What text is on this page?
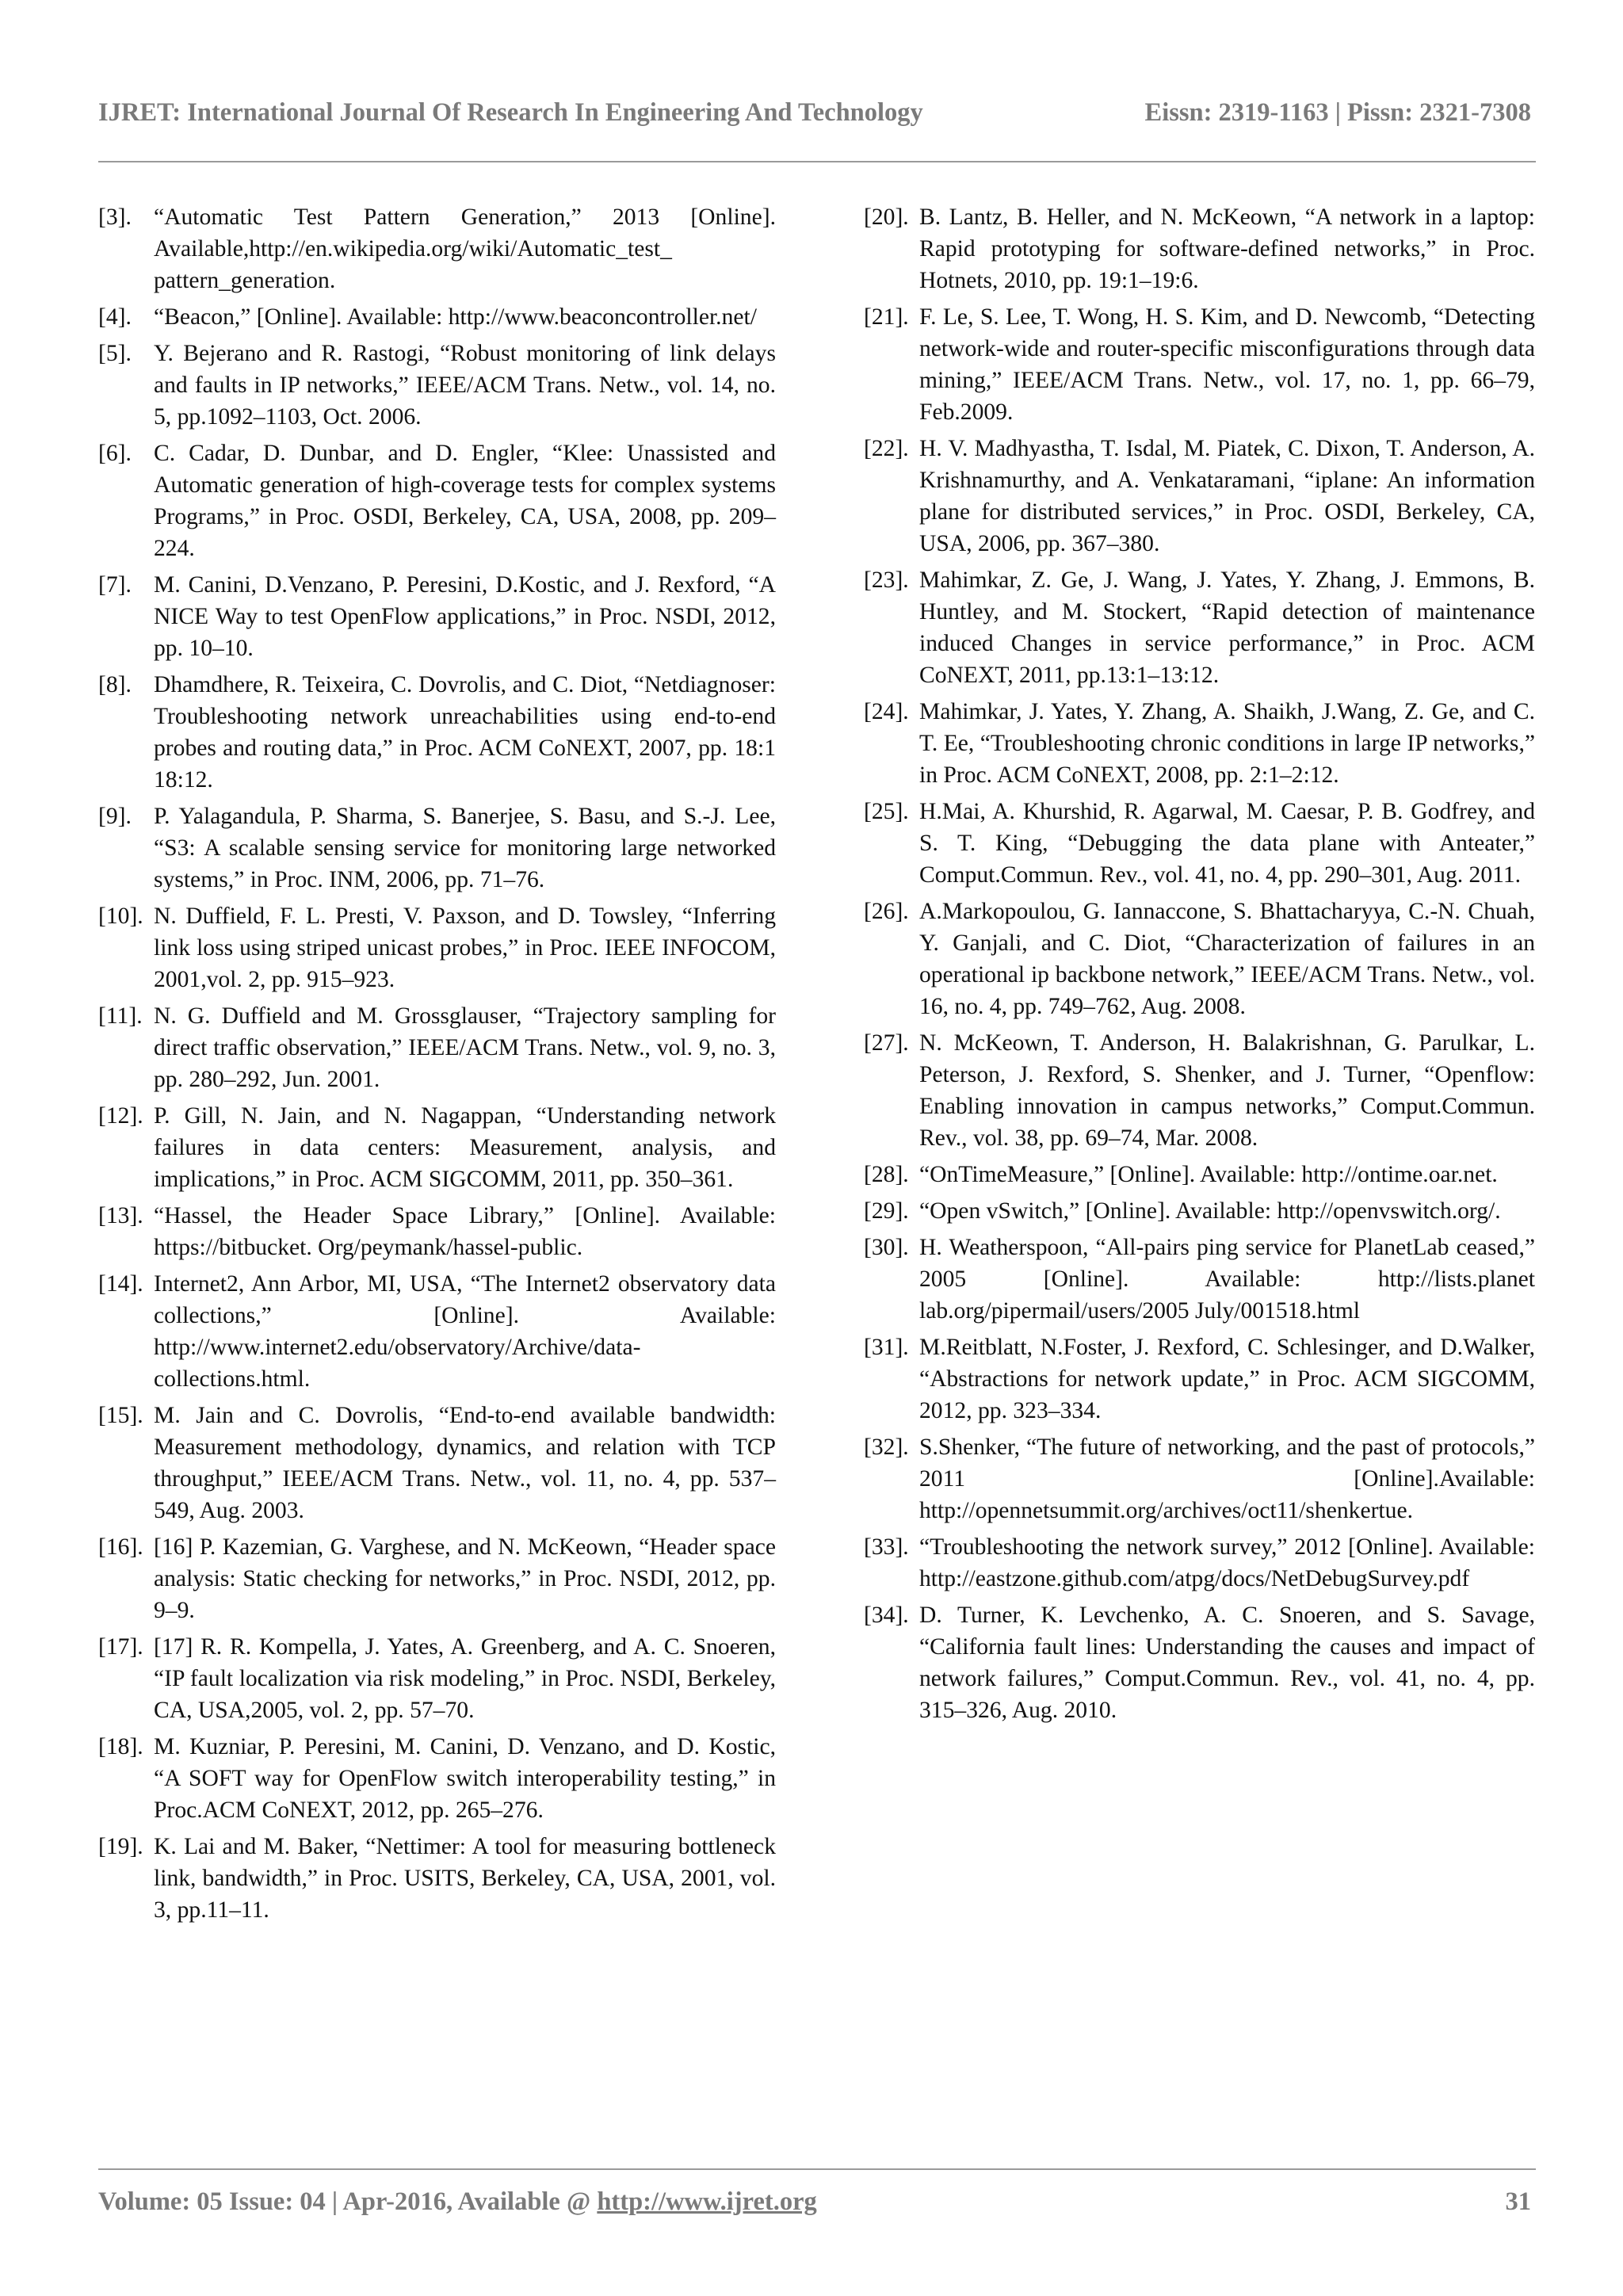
IJRET: International Journal Of Research In Engineering And Technology	Eissn: 2319-1163 | Pissn: 2321-7308
[3]. “Automatic Test Pattern Generation,” 2013 [Online]. Available,http://en.wikipedia.org/wiki/Automatic_test_ pattern_generation.
[4]. “Beacon,” [Online]. Available: http://www.beaconcontroller.net/
[5]. Y. Bejerano and R. Rastogi, “Robust monitoring of link delays and faults in IP networks,” IEEE/ACM Trans. Netw., vol. 14, no. 5, pp.1092–1103, Oct. 2006.
[6]. C. Cadar, D. Dunbar, and D. Engler, “Klee: Unassisted and Automatic generation of high-coverage tests for complex systems Programs,” in Proc. OSDI, Berkeley, CA, USA, 2008, pp. 209–224.
[7]. M. Canini, D.Venzano, P. Peresini, D.Kostic, and J. Rexford, “A NICE Way to test OpenFlow applications,” in Proc. NSDI, 2012, pp. 10–10.
[8]. Dhamdhere, R. Teixeira, C. Dovrolis, and C. Diot, “Netdiagnoser: Troubleshooting network unreachabilities using end-to-end probes and routing data,” in Proc. ACM CoNEXT, 2007, pp. 18:1 18:12.
[9]. P. Yalagandula, P. Sharma, S. Banerjee, S. Basu, and S.-J. Lee, “S3: A scalable sensing service for monitoring large networked systems,” in Proc. INM, 2006, pp. 71–76.
[10]. N. Duffield, F. L. Presti, V. Paxson, and D. Towsley, “Inferring link loss using striped unicast probes,” in Proc. IEEE INFOCOM, 2001,vol. 2, pp. 915–923.
[11]. N. G. Duffield and M. Grossglauser, “Trajectory sampling for direct traffic observation,” IEEE/ACM Trans. Netw., vol. 9, no. 3, pp. 280–292, Jun. 2001.
[12]. P. Gill, N. Jain, and N. Nagappan, “Understanding network failures in data centers: Measurement, analysis, and implications,” in Proc. ACM SIGCOMM, 2011, pp. 350–361.
[13]. “Hassel, the Header Space Library,” [Online]. Available: https://bitbucket. Org/peymank/hassel-public.
[14]. Internet2, Ann Arbor, MI, USA, “The Internet2 observatory data collections,” [Online]. Available: http://www.internet2.edu/observatory/Archive/data-collections.html.
[15]. M. Jain and C. Dovrolis, “End-to-end available bandwidth: Measurement methodology, dynamics, and relation with TCP throughput,” IEEE/ACM Trans. Netw., vol. 11, no. 4, pp. 537–549, Aug. 2003.
[16]. [16] P. Kazemian, G. Varghese, and N. McKeown, “Header space analysis: Static checking for networks,” in Proc. NSDI, 2012, pp. 9–9.
[17]. [17] R. R. Kompella, J. Yates, A. Greenberg, and A. C. Snoeren, “IP fault localization via risk modeling,” in Proc. NSDI, Berkeley, CA, USA,2005, vol. 2, pp. 57–70.
[18]. M. Kuzniar, P. Peresini, M. Canini, D. Venzano, and D. Kostic, “A SOFT way for OpenFlow switch interoperability testing,” in Proc.ACM CoNEXT, 2012, pp. 265–276.
[19]. K. Lai and M. Baker, “Nettimer: A tool for measuring bottleneck link, bandwidth,” in Proc. USITS, Berkeley, CA, USA, 2001, vol. 3, pp.11–11.
[20]. B. Lantz, B. Heller, and N. McKeown, “A network in a laptop: Rapid prototyping for software-defined networks,” in Proc. Hotnets, 2010, pp. 19:1–19:6.
[21]. F. Le, S. Lee, T. Wong, H. S. Kim, and D. Newcomb, “Detecting network-wide and router-specific misconfigurations through data mining,” IEEE/ACM Trans. Netw., vol. 17, no. 1, pp. 66–79, Feb.2009.
[22]. H. V. Madhyastha, T. Isdal, M. Piatek, C. Dixon, T. Anderson, A. Krishnamurthy, and A. Venkataramani, “iplane: An information plane for distributed services,” in Proc. OSDI, Berkeley, CA, USA, 2006, pp. 367–380.
[23]. Mahimkar, Z. Ge, J. Wang, J. Yates, Y. Zhang, J. Emmons, B. Huntley, and M. Stockert, “Rapid detection of maintenance induced Changes in service performance,” in Proc. ACM CoNEXT, 2011, pp.13:1–13:12.
[24]. Mahimkar, J. Yates, Y. Zhang, A. Shaikh, J.Wang, Z. Ge, and C. T. Ee, “Troubleshooting chronic conditions in large IP networks,” in Proc. ACM CoNEXT, 2008, pp. 2:1–2:12.
[25]. H.Mai, A. Khurshid, R. Agarwal, M. Caesar, P. B. Godfrey, and S. T. King, “Debugging the data plane with Anteater,” Comput.Commun. Rev., vol. 41, no. 4, pp. 290–301, Aug. 2011.
[26]. A.Markopoulou, G. Iannaccone, S. Bhattacharyya, C.-N. Chuah, Y. Ganjali, and C. Diot, “Characterization of failures in an operational ip backbone network,” IEEE/ACM Trans. Netw., vol. 16, no. 4, pp. 749–762, Aug. 2008.
[27]. N. McKeown, T. Anderson, H. Balakrishnan, G. Parulkar, L. Peterson, J. Rexford, S. Shenker, and J. Turner, “Openflow: Enabling innovation in campus networks,” Comput.Commun. Rev., vol. 38, pp. 69–74, Mar. 2008.
[28]. “OnTimeMeasure,” [Online]. Available: http://ontime.oar.net.
[29]. “Open vSwitch,” [Online]. Available: http://openvswitch.org/.
[30]. H. Weatherspoon, “All-pairs ping service for PlanetLab ceased,” 2005 [Online]. Available: http://lists.planet lab.org/pipermail/users/2005 July/001518.html
[31]. M.Reitblatt, N.Foster, J. Rexford, C. Schlesinger, and D.Walker, “Abstractions for network update,” in Proc. ACM SIGCOMM, 2012, pp. 323–334.
[32]. S.Shenker, “The future of networking, and the past of protocols,” 2011 [Online].Available: http://opennetsummit.org/archives/oct11/shenkertue.
[33]. “Troubleshooting the network survey,” 2012 [Online]. Available: http://eastzone.github.com/atpg/docs/NetDebugSurvey.pdf
[34]. D. Turner, K. Levchenko, A. C. Snoeren, and S. Savage, “California fault lines: Understanding the causes and impact of network failures,” Comput.Commun. Rev., vol. 41, no. 4, pp. 315–326, Aug. 2010.
Volume: 05 Issue: 04 | Apr-2016, Available @ http://www.ijret.org	31
